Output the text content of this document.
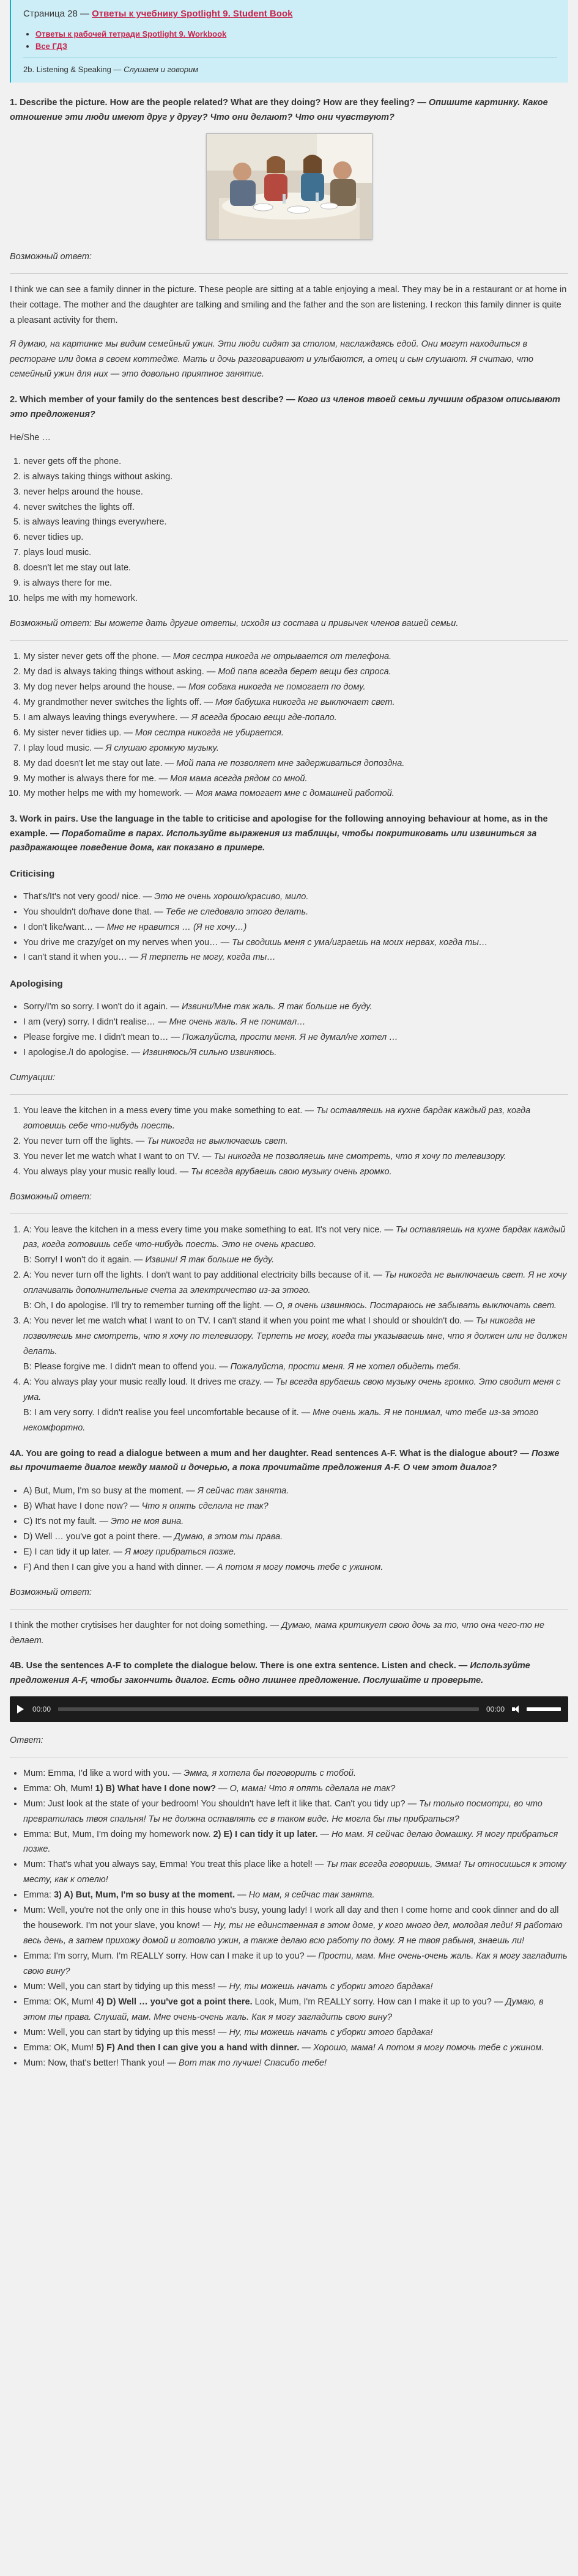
Страница 28 — Ответы к учебнику Spotlight 9. Student Book
• Ответы к рабочей тетради Spotlight 9. Workbook
• Все ГДЗ
2b. Listening & Speaking — Слушаем и говорим
1. Describe the picture. How are the people related? What are they doing? How are they feeling? — Опишите картинку. Какое отношение эти люди имеют друг у другу? Что они делают? Что они чувствуют?
Возможный ответ:

I think we can see a family dinner in the picture. These people are sitting at a table enjoying a meal. They may be in a restaurant or at home in their cottage. The mother and the daughter are talking and smiling and the father and the son are listening. I reckon this family dinner is quite a pleasant activity for them.

Я думаю, на картинке мы видим семейный ужин. Эти люди сидят за столом, наслаждаясь едой. Они могут находиться в ресторане или дома в своем коттедже. Мать и дочь разговаривают и улыбаются, а отец и сын слушают. Я считаю, что семейный ужин для них — это довольно приятное занятие.

2. Which member of your family do the sentences best describe? — Кого из членов твоей семьи лучшим образом описывают это предложения?

He/She …

1. never gets off the phone.
2. is always taking things without asking.
3. never helps around the house.
4. never switches the lights off.
5. is always leaving things everywhere.
6. never tidies up.
7. plays loud music.
8. doesn't let me stay out late.
9. is always there for me.
10. helps me with my homework.
Возможный ответ: Вы можете дать другие ответы, исходя из состава и привычек членов вашей семьи.
1. My sister never gets off the phone. — Моя сестра никогда не отрывается от телефона.
2. My dad is always taking things without asking. — Мой папа всегда берет вещи без спроса.
3. My dog never helps around the house. — Моя собака никогда не помогает по дому.
4. My grandmother never switches the lights off. — Моя бабушка никогда не выключает свет.
5. I am always leaving things everywhere. — Я всегда бросаю вещи где-попало.
6. My sister never tidies up. — Моя сестра никогда не убирается.
7. I play loud music. — Я слушаю громкую музыку.
8. My dad doesn't let me stay out late. — Мой папа не позволяет мне задерживаться допоздна.
9. My mother is always there for me. — Моя мама всегда рядом со мной.
10. My mother helps me with my homework. — Моя мама помогает мне с домашней работой.
3. Work in pairs. Use the language in the table to criticise and apologise for the following annoying behaviour at home, as in the example. — Поработайте в парах. Используйте выражения из таблицы, чтобы покритиковать или извиниться за раздражающее поведение дома, как показано в примере.
Criticising
• That's/It's not very good/ nice. — Это не очень хорошо/красиво, мило.
• You shouldn't do/have done that. — Тебе не следовало этого делать.
• I don't like/want… — Мне не нравится … (Я не хочу…)
• You drive me crazy/get on my nerves when you… — Ты сводишь меня с ума/играешь на моих нервах, когда ты…
• I can't stand it when you… — Я терпеть не могу, когда ты…
Apologising
• Sorry/I'm so sorry. I won't do it again. — Извини/Мне так жаль. Я так больше не буду.
• I am (very) sorry. I didn't realise… — Мне очень жаль. Я не понимал…
• Please forgive me. I didn't mean to… — Пожалуйста, прости меня. Я не думал/не хотел …
• I apologise./I do apologise. — Извиняюсь/Я сильно извиняюсь.
Ситуации:
1. You leave the kitchen in a mess every time you make something to eat. — Ты оставляешь на кухне бардак каждый раз, когда готовишь себе что-нибудь поесть.
2. You never turn off the lights. — Ты никогда не выключаешь свет.
3. You never let me watch what I want to on TV. — Ты никогда не позволяешь мне смотреть, что я хочу по телевизору.
4. You always play your music really loud. — Ты всегда врубаешь свою музыку очень громко.
Возможный ответ:
1. A: You leave the kitchen in a mess every time you make something to eat. It's not very nice. — Ты оставляешь на кухне бардак каждый раз, когда готовишь себе что-нибудь поесть. Это не очень красиво.
B: Sorry! I won't do it again. — Извини! Я так больше не буду.
2. A: You never turn off the lights. I don't want to pay additional electricity bills because of it. — Ты никогда не выключаешь свет. Я не хочу оплачивать дополнительные счета за электричество из-за этого.
B: Oh, I do apologise. I'll try to remember turning off the light. — О, я очень извиняюсь. Постараюсь не забывать выключать свет.
3. A: You never let me watch what I want to on TV. I can't stand it when you point me what I should or shouldn't do. — Ты никогда не позволяешь мне смотреть, что я хочу по телевизору. Терпеть не могу, когда ты указываешь мне, что я должен или не должен делать.
B: Please forgive me. I didn't mean to offend you. — Пожалуйста, прости меня. Я не хотел обидеть тебя.
4. A: You always play your music really loud. It drives me crazy. — Ты всегда врубаешь свою музыку очень громко. Это сводит меня с ума.
B: I am very sorry. I didn't realise you feel uncomfortable because of it. — Мне очень жаль. Я не понимал, что тебе из-за этого некомфортно.
4A. You are going to read a dialogue between a mum and her daughter. Read sentences A-F. What is the dialogue about? — Позже вы прочитаете диалог между мамой и дочерью, а пока прочитайте предложения A-F. О чем этот диалог?
• A) But, Mum, I'm so busy at the moment. — Я сейчас так занята.
• B) What have I done now? — Что я опять сделала не так?
• C) It's not my fault. — Это не моя вина.
• D) Well … you've got a point there. — Думаю, в этом ты права.
• E) I can tidy it up later. — Я могу прибраться позже.
• F) And then I can give you a hand with dinner. — А потом я могу помочь тебе с ужином.
Возможный ответ:

I think the mother crytisises her daughter for not doing something. — Думаю, мама критикует свою дочь за то, что она чего-то не делает.

4B. Use the sentences A-F to complete the dialogue below. There is one extra sentence. Listen and check. — Используйте предложения A-F, чтобы закончить диалог. Есть одно лишнее предложение. Послушайте и проверьте.
00:00	00:00
Ответ:
• Mum: Emma, I'd like a word with you. — Эмма, я хотела бы поговорить с тобой.
• Emma: Oh, Mum! 1) B) What have I done now? — О, мама! Что я опять сделала не так?
• Mum: Just look at the state of your bedroom! You shouldn't have left it like that. Can't you tidy up? — Ты только посмотри, во что превратилась твоя спальня! Ты не должна оставлять ее в таком виде. Не могла бы ты прибраться?
• Emma: But, Mum, I'm doing my homework now. 2) E) I can tidy it up later. — Но мам. Я сейчас делаю домашку. Я могу прибраться позже.
• Mum: That's what you always say, Emma! You treat this place like a hotel! — Ты так всегда говоришь, Эмма! Ты относишься к этому месту, как к отелю!
• Emma: 3) A) But, Mum, I'm so busy at the moment. — Но мам, я сейчас так занята.
• Mum: Well, you're not the only one in this house who's busy, young lady! I work all day and then I come home and cook dinner and do all the housework. I'm not your slave, you know! — Ну, ты не единственная в этом доме, у кого много дел, молодая леди! Я работаю весь день, а затем прихожу домой и готовлю ужин, а также делаю всю работу по дому. Я не твоя рабыня, знаешь ли!
• Emma: I'm sorry, Mum. I'm REALLY sorry. How can I make it up to you? — Прости, мам. Мне очень-очень жаль. Как я могу загладить свою вину?
• Mum: Well, you can start by tidying up this mess! — Ну, ты можешь начать с уборки этого бардака!
• Emma: OK, Mum! 4) D) Well … you've got a point there. Look, Mum, I'm REALLY sorry. How can I make it up to you? — Думаю, в этом ты права. Слушай, мам. Мне очень-очень жаль. Как я могу загладить свою вину?
• Mum: Well, you can start by tidying up this mess! — Ну, ты можешь начать с уборки этого бардака!
• Emma: OK, Mum! 5) F) And then I can give you a hand with dinner. — Хорошо, мама! А потом я могу помочь тебе с ужином.
• Mum: Now, that's better! Thank you! — Вот так то лучше! Спасибо тебе!
